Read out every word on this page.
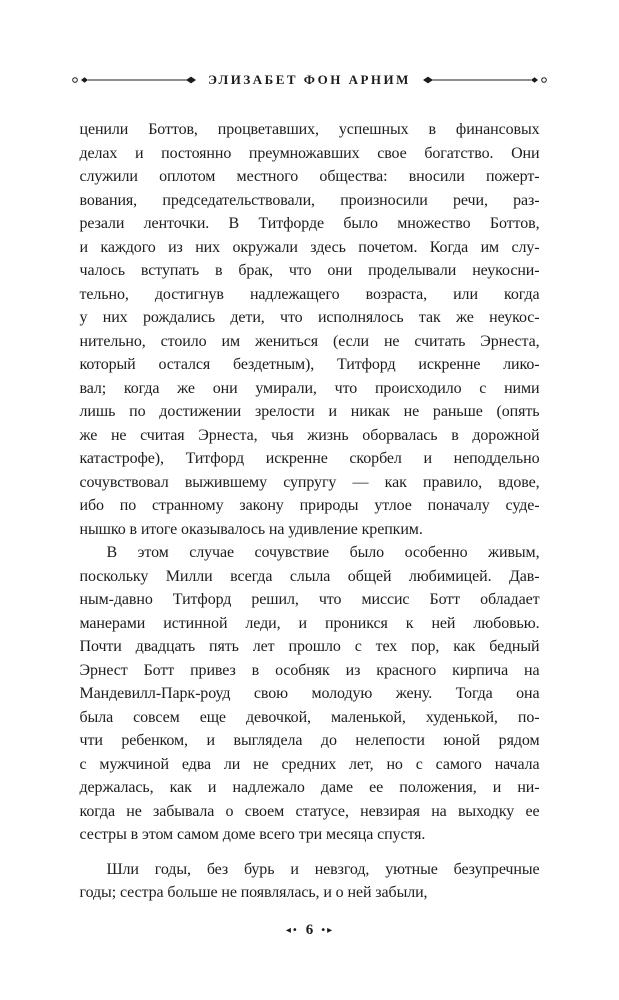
ЭЛИЗАБЕТ ФОН АРНИМ
ценили Боттов, процветавших, успешных в финансовых
делах и постоянно преумножавших свое богатство. Они
служили оплотом местного общества: вносили пожерт-
вования, председательствовали, произносили речи, раз-
резали ленточки. В Титфорде было множество Боттов,
и каждого из них окружали здесь почетом. Когда им слу-
чалось вступать в брак, что они проделывали неукосни-
тельно, достигнув надлежащего возраста, или когда
у них рождались дети, что исполнялось так же неукос-
нительно, стоило им жениться (если не считать Эрнеста,
который остался бездетным), Титфорд искренне лико-
вал; когда же они умирали, что происходило с ними
лишь по достижении зрелости и никак не раньше (опять
же не считая Эрнеста, чья жизнь оборвалась в дорожной
катастрофе), Титфорд искренне скорбел и неподдельно
сочувствовал выжившему супругу — как правило, вдове,
ибо по странному закону природы утлое поначалу суде-
нышко в итоге оказывалось на удивление крепким.
В этом случае сочувствие было особенно живым,
поскольку Милли всегда слыла общей любимицей. Дав-
ным-давно Титфорд решил, что миссис Ботт обладает
манерами истинной леди, и проникся к ней любовью.
Почти двадцать пять лет прошло с тех пор, как бедный
Эрнест Ботт привез в особняк из красного кирпича на
Мандевилл-Парк-роуд свою молодую жену. Тогда она
была совсем еще девочкой, маленькой, худенькой, по-
чти ребенком, и выглядела до нелепости юной рядом
с мужчиной едва ли не средних лет, но с самого начала
держалась, как и надлежало даме ее положения, и ни-
когда не забывала о своем статусе, невзирая на выходку ее
сестры в этом самом доме всего три месяца спустя.
Шли годы, без бурь и невзгод, уютные безупречные
годы; сестра больше не появлялась, и о ней забыли,
◂• 6 •▸
